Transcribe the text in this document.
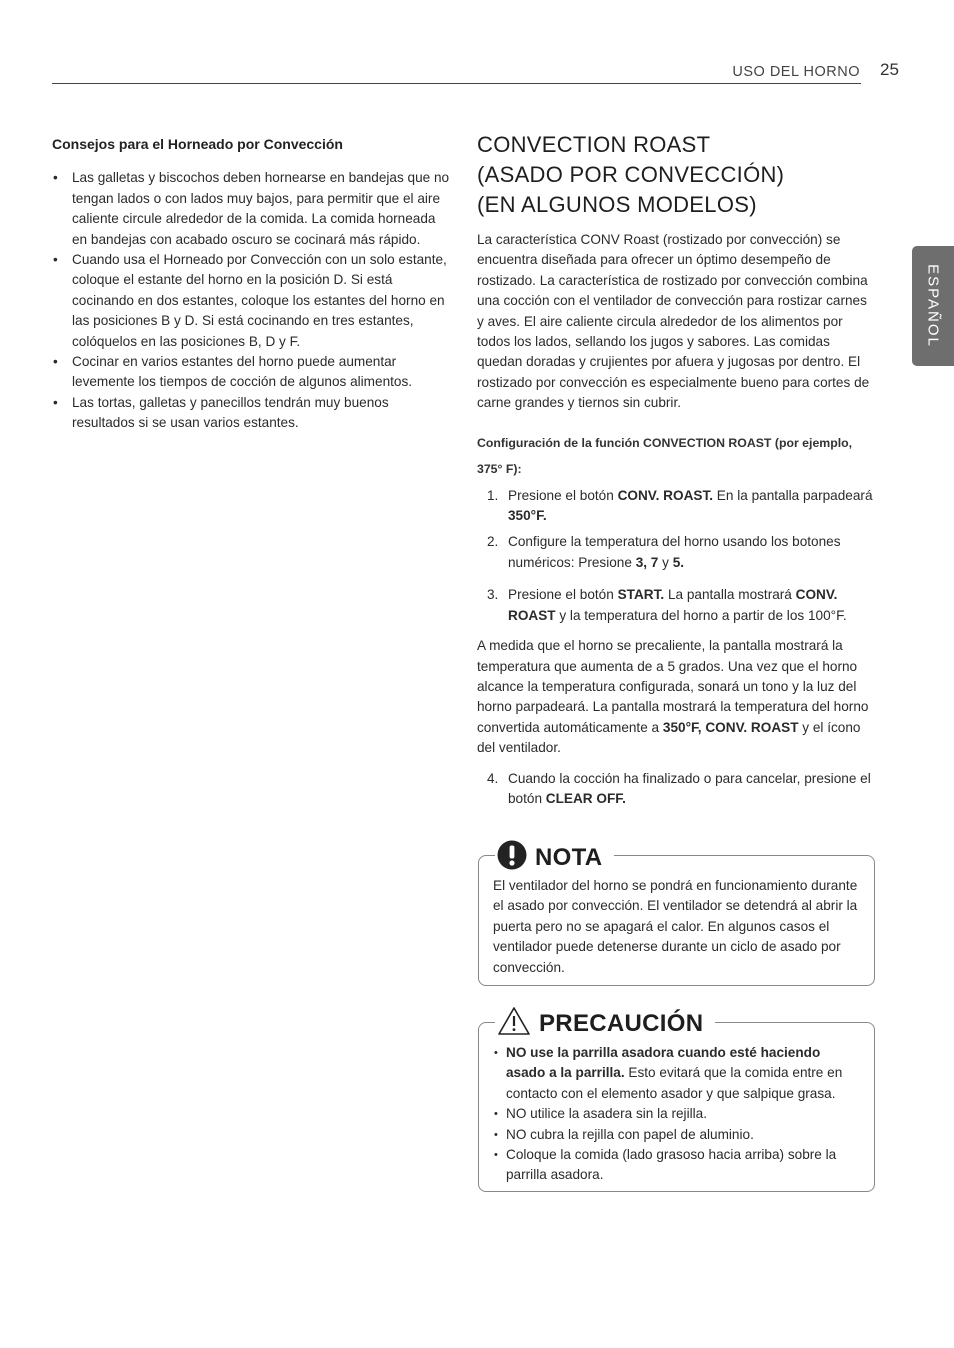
USO DEL HORNO 25
ESPAÑOL
Consejos para el Horneado por Convección
• Las galletas y biscochos deben hornearse en bandejas que no tengan lados o con lados muy bajos, para permitir que el aire caliente circule alrededor de la comida. La comida horneada en bandejas con acabado oscuro se cocinará más rápido.
• Cuando usa el Horneado por Convección con un solo estante, coloque el estante del horno en la posición D. Si está cocinando en dos estantes, coloque los estantes del horno en las posiciones B y D. Si está cocinando en tres estantes, colóquelos en las posiciones B, D y F.
• Cocinar en varios estantes del horno puede aumentar levemente los tiempos de cocción de algunos alimentos.
• Las tortas, galletas y panecillos tendrán muy buenos resultados si se usan varios estantes.
CONVECTION ROAST
(ASADO POR CONVECCIÓN)
(EN ALGUNOS MODELOS)

La característica CONV Roast (rostizado por convección) se encuentra diseñada para ofrecer un óptimo desempeño de rostizado. La característica de rostizado por convección combina una cocción con el ventilador de convección para rostizar carnes y aves. El aire caliente circula alrededor de los alimentos por todos los lados, sellando los jugos y sabores. Las comidas quedan doradas y crujientes por afuera y jugosas por dentro. El rostizado por convección es especialmente bueno para cortes de carne grandes y tiernos sin cubrir.

Configuración de la función CONVECTION ROAST (por ejemplo, 375° F):

1. Presione el botón CONV. ROAST. En la pantalla parpadeará 350°F.
2. Configure la temperatura del horno usando los botones numéricos: Presione 3, 7 y 5.
3. Presione el botón START. La pantalla mostrará CONV. ROAST y la temperatura del horno a partir de los 100°F.

A medida que el horno se precaliente, la pantalla mostrará la temperatura que aumenta de a 5 grados. Una vez que el horno alcance la temperatura configurada, sonará un tono y la luz del horno parpadeará. La pantalla mostrará la temperatura del horno convertida automáticamente a 350°F, CONV. ROAST y el ícono del ventilador.

4. Cuando la cocción ha finalizado o para cancelar, presione el botón CLEAR OFF.
NOTA
El ventilador del horno se pondrá en funcionamiento durante el asado por convección. El ventilador se detendrá al abrir la puerta pero no se apagará el calor. En algunos casos el ventilador puede detenerse durante un ciclo de asado por convección.
PRECAUCIÓN
• NO use la parrilla asadora cuando esté haciendo asado a la parrilla. Esto evitará que la comida entre en contacto con el elemento asador y que salpique grasa.
• NO utilice la asadera sin la rejilla.
• NO cubra la rejilla con papel de aluminio.
• Coloque la comida (lado grasoso hacia arriba) sobre la parrilla asadora.
